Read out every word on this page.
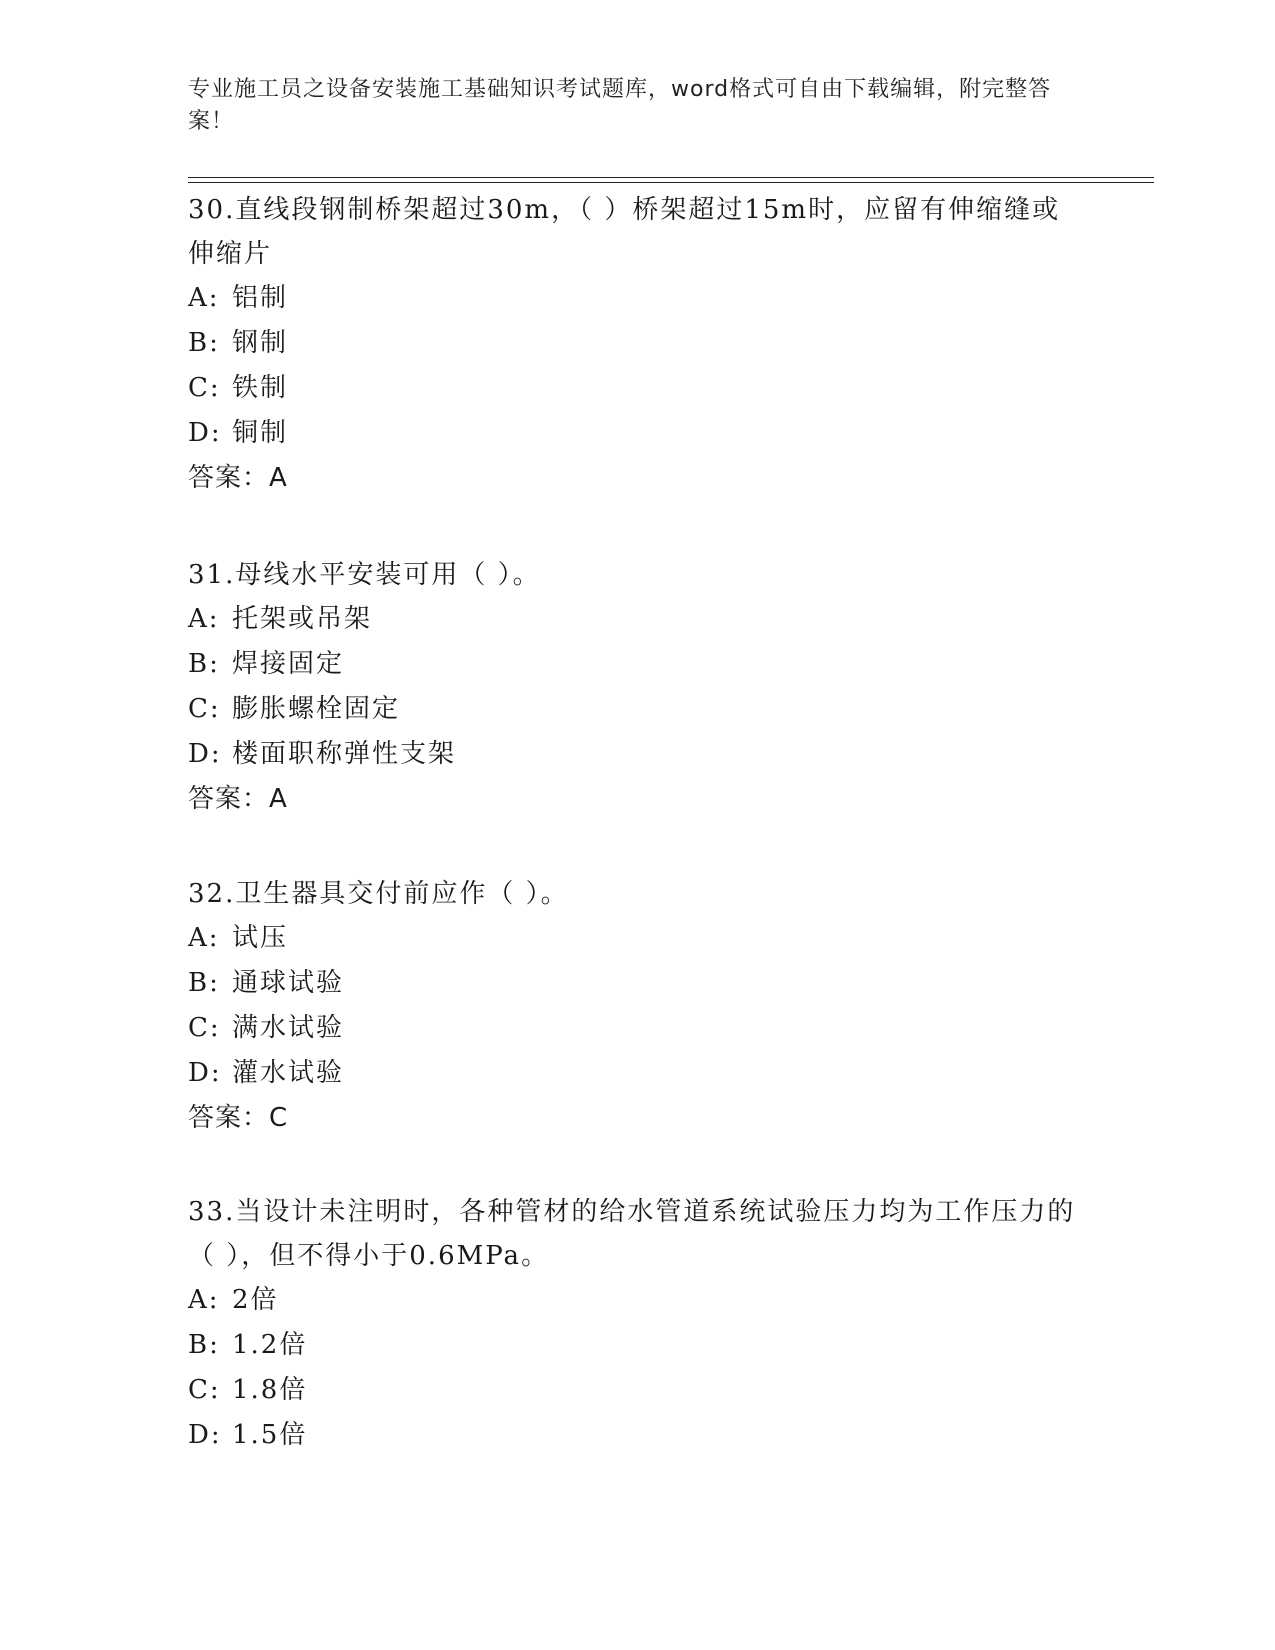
专业施工员之设备安装施工基础知识考试题库，word格式可自由下载编辑，附完整答案！

30.直线段钢制桥架超过30m，（ ）桥架超过15m时，应留有伸缩缝或伸缩片

A: 铝制
B: 钢制
C: 铁制
D: 铜制
答案：A

31.母线水平安装可用（ ）。

A: 托架或吊架
B: 焊接固定
C: 膨胀螺栓固定
D: 楼面职称弹性支架
答案：A

32.卫生器具交付前应作（ ）。

A: 试压
B: 通球试验
C: 满水试验
D: 灌水试验
答案：C

33.当设计未注明时，各种管材的给水管道系统试验压力均为工作压力的（ ），但不得小于0.6MPa。

A: 2倍
B: 1.2倍
C: 1.8倍
D: 1.5倍
